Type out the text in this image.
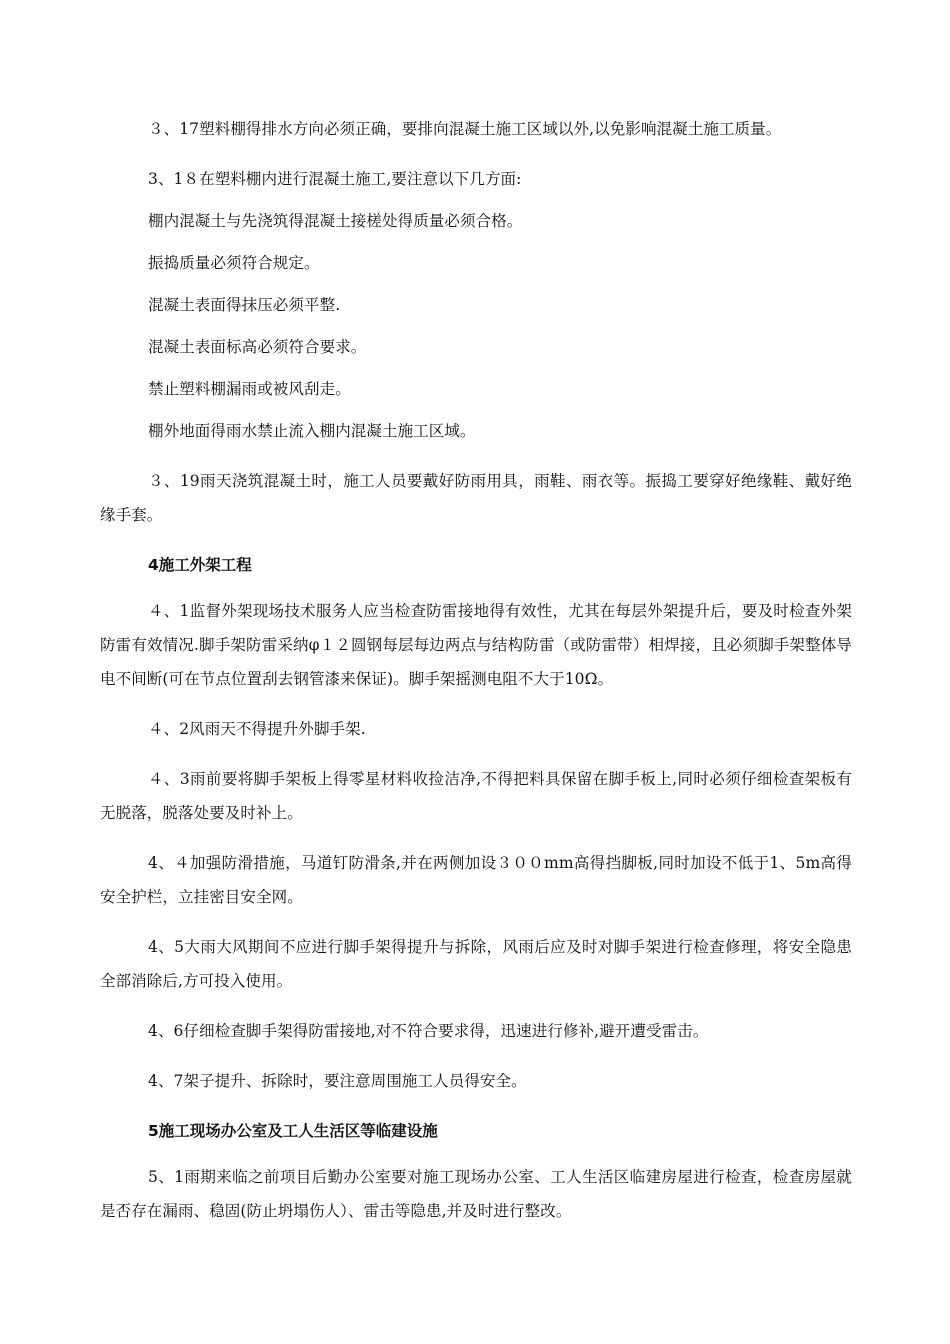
３、17塑料棚得排水方向必须正确，要排向混凝土施工区域以外,以免影响混凝土施工质量。

3、1８在塑料棚内进行混凝土施工,要注意以下几方面:

棚内混凝土与先浇筑得混凝土接槎处得质量必须合格。

振捣质量必须符合规定。

混凝土表面得抹压必须平整.

混凝土表面标高必须符合要求。

禁止塑料棚漏雨或被风刮走。

棚外地面得雨水禁止流入棚内混凝土施工区域。

３、19雨天浇筑混凝土时，施工人员要戴好防雨用具，雨鞋、雨衣等。振捣工要穿好绝缘鞋、戴好绝缘手套。

4施工外架工程

４、1监督外架现场技术服务人应当检查防雷接地得有效性，尤其在每层外架提升后，要及时检查外架防雷有效情况.脚手架防雷采纳φ１２圆钢每层每边两点与结构防雷（或防雷带）相焊接，且必须脚手架整体导电不间断(可在节点位置刮去钢管漆来保证)。脚手架摇测电阻不大于10Ω。

４、2风雨天不得提升外脚手架.

４、3雨前要将脚手架板上得零星材料收捡洁净,不得把料具保留在脚手板上,同时必须仔细检查架板有无脱落，脱落处要及时补上。

4、４加强防滑措施，马道钉防滑条,并在两侧加设３００mm高得挡脚板,同时加设不低于1、5m高得安全护栏，立挂密目安全网。

4、5大雨大风期间不应进行脚手架得提升与拆除，风雨后应及时对脚手架进行检查修理，将安全隐患全部消除后,方可投入使用。

4、6仔细检查脚手架得防雷接地,对不符合要求得，迅速进行修补,避开遭受雷击。

4、7架子提升、拆除时，要注意周围施工人员得安全。

5施工现场办公室及工人生活区等临建设施

5、1雨期来临之前项目后勤办公室要对施工现场办公室、工人生活区临建房屋进行检查，检查房屋就是否存在漏雨、稳固(防止坍塌伤人）、雷击等隐患,并及时进行整改。
